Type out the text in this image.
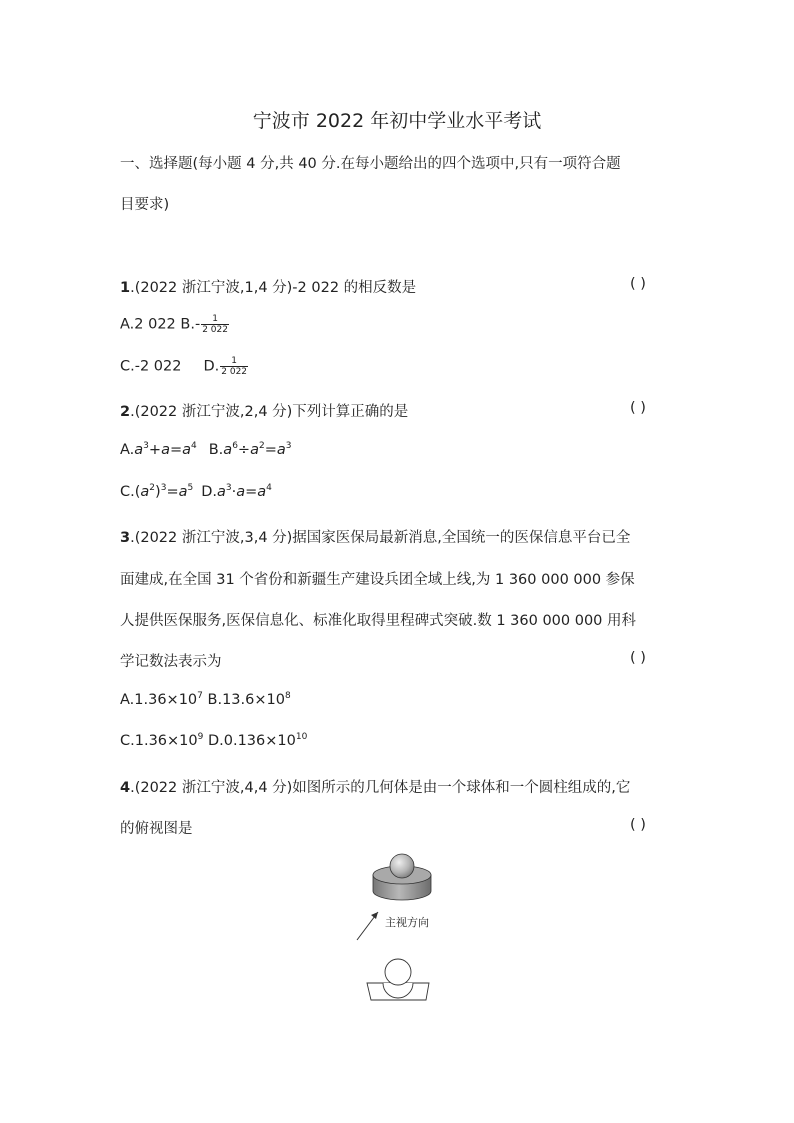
宁波市 2022 年初中学业水平考试
一、选择题(每小题 4 分,共 40 分.在每小题给出的四个选项中,只有一项符合题
目要求)
1.(2022 浙江宁波,1,4 分)-2 022 的相反数是	( )
A.2 022 $B.- \frac{1}{2 022}$
C.-2 022 D. $\frac{1}{2 022}$
2.(2022 浙江宁波,2,4 分)下列计算正确的是	( )
$A.a^3+a=a^4$ $B.a^6\div a^2=a^3$
$C.(a^2)^3=a^5$ $D.a^3\cdot a=a^4$
3.(2022 浙江宁波,3,4 分)据国家医保局最新消息,全国统一的医保信息平台已全
面建成,在全国 31 个省份和新疆生产建设兵团全域上线,为 1 360 000 000 参保
人提供医保服务,医保信息化、标准化取得里程碑式突破.数 1 360 000 000 用科
学记数法表示为	( )
$A.1.36\times 10^7$ $B.13.6\times 10^8$
$C.1.36\times 10^9$ $D.0.136\times 10^{10}$
4.(2022 浙江宁波,4,4 分)如图所示的几何体是由一个球体和一个圆柱组成的,它
的俯视图是	( )
主视方向
